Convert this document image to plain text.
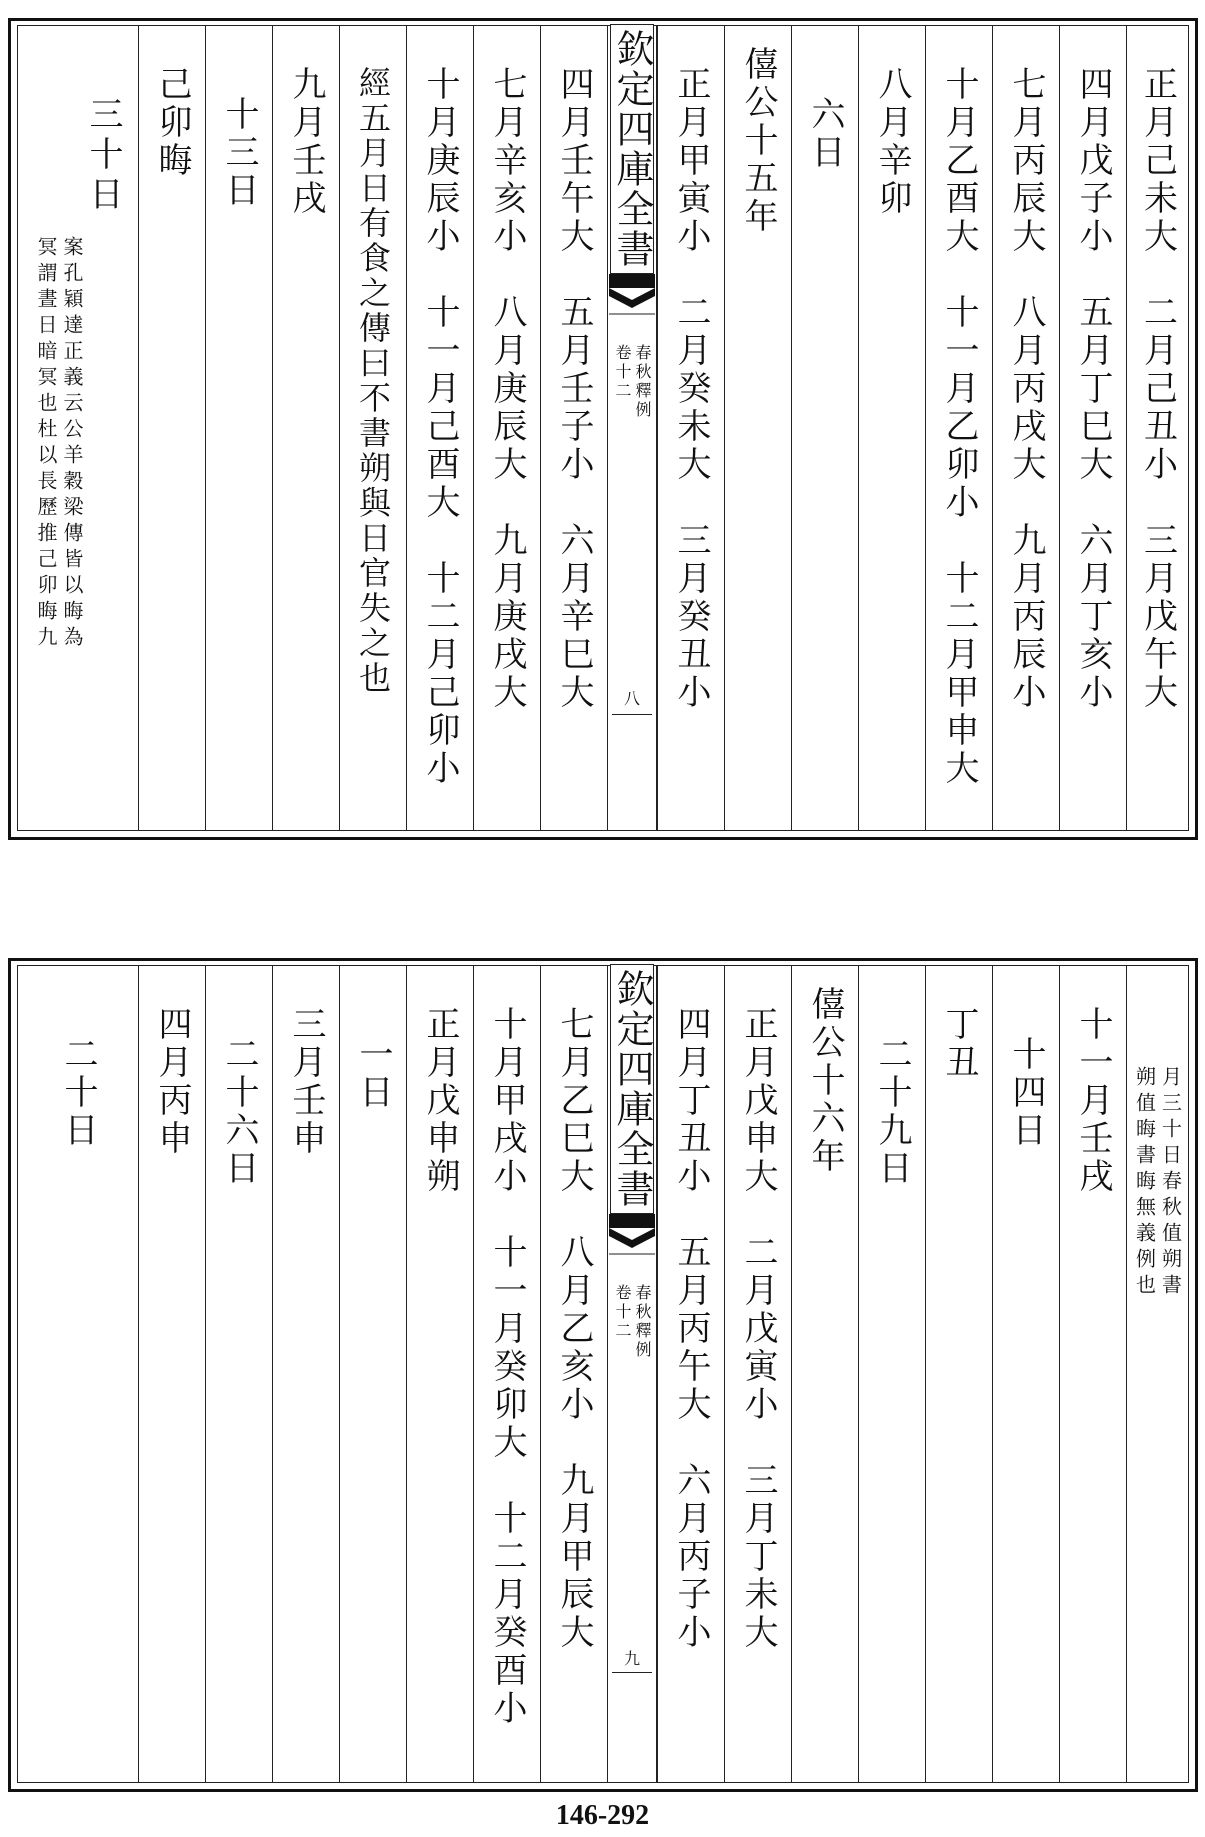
正月己未大
二月己丑小
三月戊午大
四月戊子小
五月丁巳大
六月丁亥小
七月丙辰大
八月丙戌大
九月丙辰小
十月乙酉大
十一月乙卯小
十二月甲申大
八月辛卯
六日
僖公十五年
正月甲寅小
二月癸未大
三月癸丑小
欽定四庫全書
春秋釋例
卷十二
八
四月壬午大
五月壬子小
六月辛巳大
七月辛亥小
八月庚辰大
九月庚戌大
十月庚辰小
十一月己酉大
十二月己卯小
經五月日有食之傳曰不書朔與日官失之也
九月壬戌
十三日
己卯晦
三十日
案孔穎達正義云公羊穀梁傳皆以晦為
冥謂晝日暗冥也杜以長歷推己卯晦九
月三十日春秋值朔書
朔值晦書晦無義例也
十一月壬戌
十四日
丁丑
二十九日
僖公十六年
正月戊申大
二月戊寅小
三月丁未大
四月丁丑小
五月丙午大
六月丙子小
欽定四庫全書
春秋釋例
卷十二
九
七月乙巳大
八月乙亥小
九月甲辰大
十月甲戌小
十一月癸卯大
十二月癸酉小
正月戊申朔
一日
三月壬申
二十六日
四月丙申
二十日
146-292
